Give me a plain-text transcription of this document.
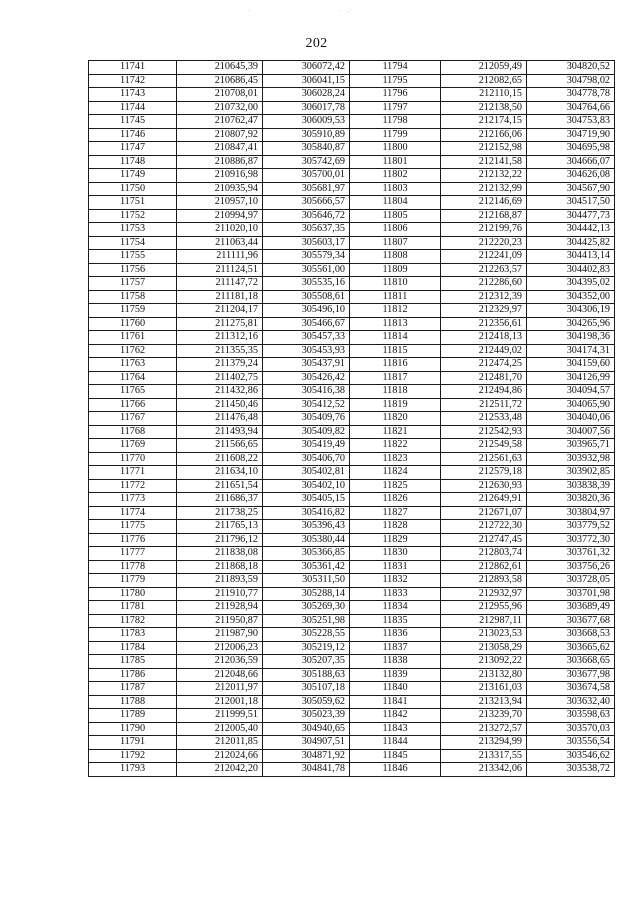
·	· ‚·
202
11741	210645,39	306072,42	11794	212059,49	304820,52
11742	210686,45	306041,15	11795	212082,65	304798,02
11743	210708,01	306028,24	11796	212110,15	304778,78
11744	210732,00	306017,78	11797	212138,50	304764,66
11745	210762,47	306009,53	11798	212174,15	304753,83
11746	210807,92	305910,89	11799	212166,06	304719,90
11747	210847,41	305840,87	11800	212152,98	304695,98
11748	210886,87	305742,69	11801	212141,58	304666,07
11749	210916,98	305700,01	11802	212132,22	304626,08
11750	210935,94	305681,97	11803	212132,99	304567,90
11751	210957,10	305666,57	11804	212146,69	304517,50
11752	210994,97	305646,72	11805	212168,87	304477,73
11753	211020,10	305637,35	11806	212199,76	304442,13
11754	211063,44	305603,17	11807	212220,23	304425,82
11755	211111,96	305579,34	11808	212241,09	304413,14
11756	211124,51	305561,00	11809	212263,57	304402,83
11757	211147,72	305535,16	11810	212286,60	304395,02
11758	211181,18	305508,61	11811	212312,39	304352,00
11759	211204,17	305496,10	11812	212329,97	304306,19
11760	211275,81	305466,67	11813	212356,61	304265,96
11761	211312,16	305457,33	11814	212418,13	304198,36
11762	211355,35	305453,93	11815	212449,02	304174,31
11763	211379,24	305437,91	11816	212474,25	304159,60
11764	211402,75	305426,42	11817	212481,70	304126,99
11765	211432,86	305416,38	11818	212494,86	304094,57
11766	211450,46	305412,52	11819	212511,72	304065,90
11767	211476,48	305409,76	11820	212533,48	304040,06
11768	211493,94	305409,82	11821	212542,93	304007,56
11769	211566,65	305419,49	11822	212549,58	303965,71
11770	211608,22	305406,70	11823	212561,63	303932,98
11771	211634,10	305402,81	11824	212579,18	303902,85
11772	211651,54	305402,10	11825	212630,93	303838,39
11773	211686,37	305405,15	11826	212649,91	303820,36
11774	211738,25	305416,82	11827	212671,07	303804,97
11775	211765,13	305396,43	11828	212722,30	303779,52
11776	211796,12	305380,44	11829	212747,45	303772,30
11777	211838,08	305366,85	11830	212803,74	303761,32
11778	211868,18	305361,42	11831	212862,61	303756,26
11779	211893,59	305311,50	11832	212893,58	303728,05
11780	211910,77	305288,14	11833	212932,97	303701,98
11781	211928,94	305269,30	11834	212955,96	303689,49
11782	211950,87	305251,98	11835	212987,11	303677,68
11783	211987,90	305228,55	11836	213023,53	303668,53
11784	212006,23	305219,12	11837	213058,29	303665,62
11785	212036,59	305207,35	11838	213092,22	303668,65
11786	212048,66	305188,63	11839	213132,80	303677,98
11787	212011,97	305107,18	11840	213161,03	303674,58
11788	212001,18	305059,62	11841	213213,94	303632,40
11789	211999,51	305023,39	11842	213239,70	303598,63
11790	212005,40	304940,65	11843	213272,57	303570,03
11791	212011,85	304907,51	11844	213294,99	303556,54
11792	212024,66	304871,92	11845	213317,55	303546,62
11793	212042,20	304841,78	11846	213342,06	303538,72
